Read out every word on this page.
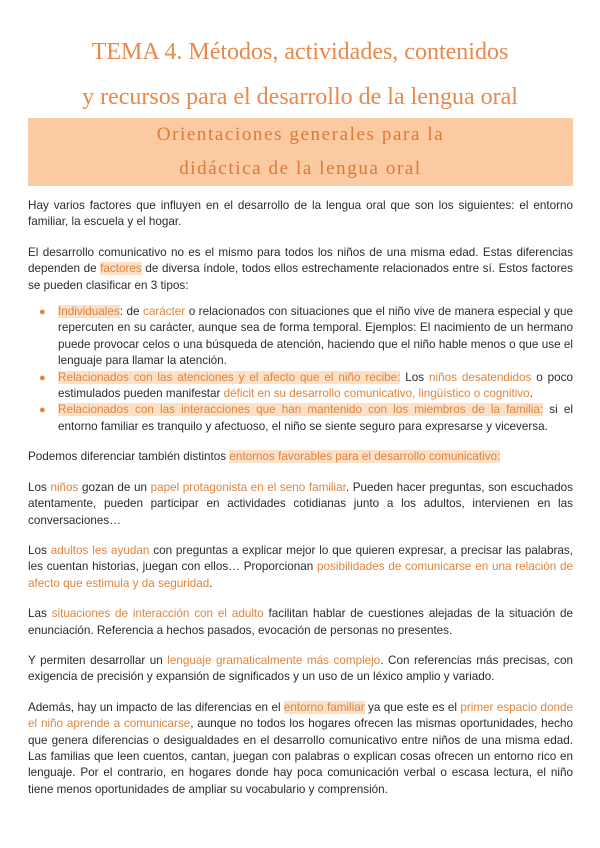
TEMA 4. Métodos, actividades, contenidos
y recursos para el desarrollo de la lengua oral
Orientaciones generales para la
didáctica de la lengua oral

Hay varios factores que influyen en el desarrollo de la lengua oral que son los siguientes: el entorno familiar, la escuela y el hogar.

El desarrollo comunicativo no es el mismo para todos los niños de una misma edad. Estas diferencias dependen de factores de diversa índole, todos ellos estrechamente relacionados entre sí. Estos factores se pueden clasificar en 3 tipos:

● Individuales: de carácter o relacionados con situaciones que el niño vive de manera especial y que repercuten en su carácter, aunque sea de forma temporal. Ejemplos: El nacimiento de un hermano puede provocar celos o una búsqueda de atención, haciendo que el niño hable menos o que use el lenguaje para llamar la atención.
● Relacionados con las atenciones y el afecto que el niño recibe: Los niños desatendidos o poco estimulados pueden manifestar déficit en su desarrollo comunicativo, lingüístico o cognitivo.
● Relacionados con las interacciones que han mantenido con los miembros de la familia: si el entorno familiar es tranquilo y afectuoso, el niño se siente seguro para expresarse y viceversa.

Podemos diferenciar también distintos entornos favorables para el desarrollo comunicativo:

Los niños gozan de un papel protagonista en el seno familiar. Pueden hacer preguntas, son escuchados atentamente, pueden participar en actividades cotidianas junto a los adultos, intervienen en las conversaciones…

Los adultos les ayudan con preguntas a explicar mejor lo que quieren expresar, a precisar las palabras, les cuentan historias, juegan con ellos… Proporcionan posibilidades de comunicarse en una relación de afecto que estimula y da seguridad.

Las situaciones de interacción con el adulto facilitan hablar de cuestiones alejadas de la situación de enunciación. Referencia a hechos pasados, evocación de personas no presentes.

Y permiten desarrollar un lenguaje gramaticalmente más complejo. Con referencias más precisas, con exigencia de precisión y expansión de significados y un uso de un léxico amplio y variado.

Además, hay un impacto de las diferencias en el entorno familiar ya que este es el primer espacio donde el niño aprende a comunicarse, aunque no todos los hogares ofrecen las mismas oportunidades, hecho que genera diferencias o desigualdades en el desarrollo comunicativo entre niños de una misma edad. Las familias que leen cuentos, cantan, juegan con palabras o explican cosas ofrecen un entorno rico en lenguaje. Por el contrario, en hogares donde hay poca comunicación verbal o escasa lectura, el niño tiene menos oportunidades de ampliar su vocabulario y comprensión.
